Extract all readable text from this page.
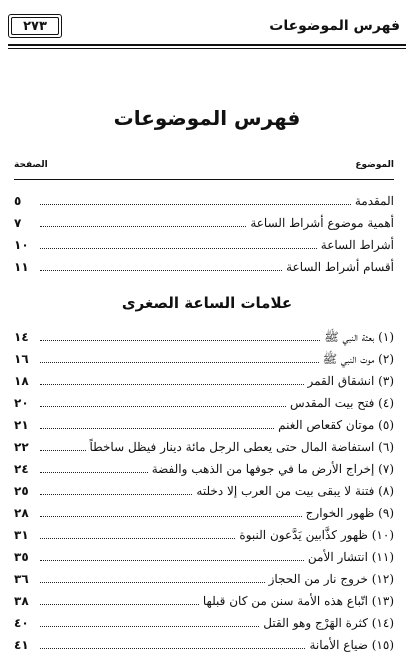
٢٧٣	فهرس الموضوعات
فهرس الموضوعات
الموضوع
الصفحة
المقدمة
٥
أهمية موضوع أشراط الساعة
٧
أشراط الساعة
١٠
أقسام أشراط الساعة
١١
علامات الساعة الصغرى
(١) بعثة النبي ﷺ
١٤
(٢) موت النبي ﷺ
١٦
(٣) انشقاق القمر
١٨
(٤) فتح بيت المقدس
٢٠
(٥) موتان كقعاص الغنم
٢١
(٦) استفاضة المال حتى يعطى الرجل مائة دينار فيظل ساخطاً
٢٢
(٧) إخراج الأرض ما في جوفها من الذهب والفضة
٢٤
(٨) فتنة لا يبقى بيت من العرب إلا دخلته
٢٥
(٩) ظهور الخوارج
٢٨
(١٠) ظهور كذَّابين يَدَّعون النبوة
٣١
(١١) انتشار الأمن
٣٥
(١٢) خروج نار من الحجاز
٣٦
(١٣) اتّباع هذه الأمة سنن من كان قبلها
٣٨
(١٤) كثرة الهَرْج وهو القتل
٤٠
(١٥) ضياع الأمانة
٤١
